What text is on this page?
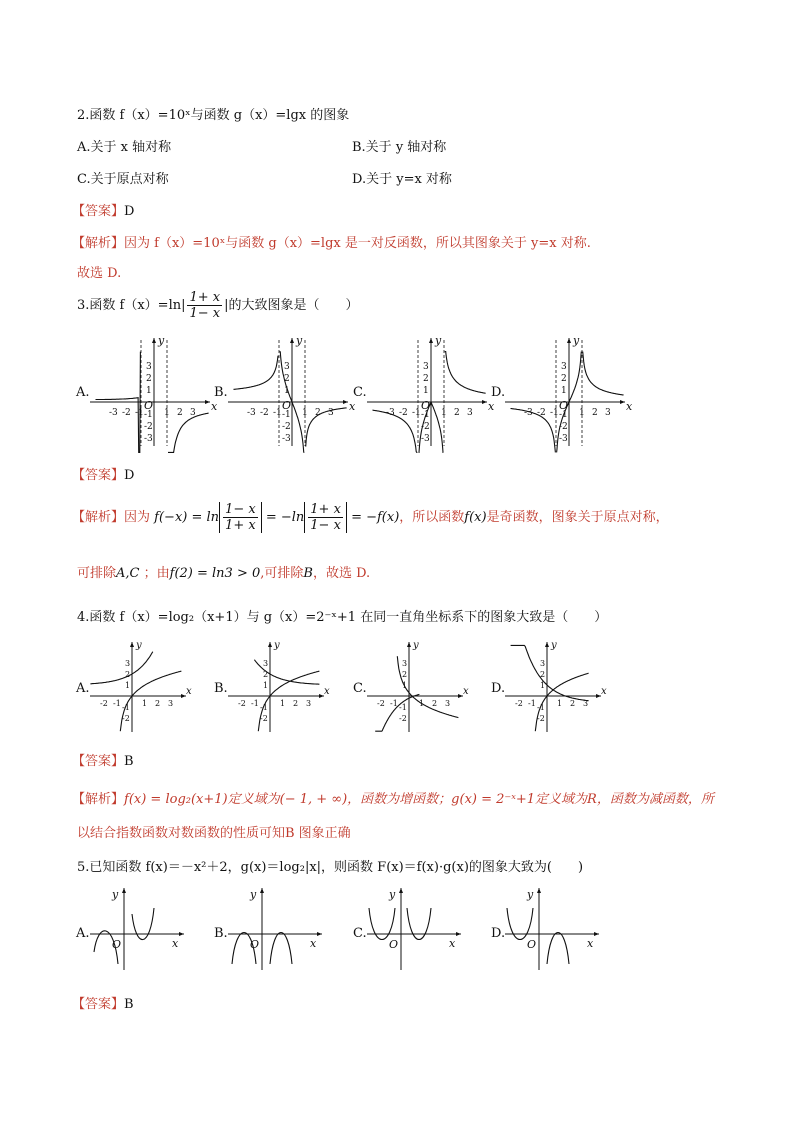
2.函数 f（x）=10ˣ与函数 g（x）=lgx 的图象
A.关于 x 轴对称	B.关于 y 轴对称
C.关于原点对称	D.关于 y=x 对称
【答案】D
【解析】因为 f（x）=10ˣ与函数 g（x）=lgx 是一对反函数，所以其图象关于 y=x 对称.
故选 D.
3.函数 $f(x)=\ln| \frac{1+ x}{1- x}$ |的大致图象是（　　）
A.	B.	C.	D.
x
y
O
-3 -2 -1 1 2 3
3
2
1
-1
-2
-3
x
y
O
-3 -2 -1 1 2 3
3
2
1
-1
-2
-3
x
y
O
-3 -2 -1 1 2 3
3
2
1
-1
-2
-3
x
y
O
-3 -2 -1 1 2 3
3
2
1
-1
-2
-3
【答案】D
【解析】因为 $f(-x) = \ln \frac{1- x}{1+ x} = -\ln \frac{1+ x}{1- x} = -f(x)$，所以函数f(x)是奇函数，图象关于原点对称，
可排除A,C ；由f(2) = ln3 > 0,可排除B，故选 D.
4.函数 f（x）=log₂（x+1）与 g（x）=2⁻ˣ+1 在同一直角坐标系下的图象大致是（　　）
A.	B.	C.	D.
x
y
-2 -1	1 2 3
3
2
1
-1
-2
x
y
-2 -1	1 2 3
3
2
1
-1
-2
x
y
-2 -1	1 2 3
3
2
1
-1
-2
x
y
-2 -1	1 2 3
3
2
1
-1
-2
【答案】B
【解析】f(x) = log₂(x+1)定义域为(− 1, + ∞)，函数为增函数；g(x) = 2⁻ˣ+1定义域为R，函数为减函数，所
以结合指数函数对数函数的性质可知B 图象正确
5.已知函数 f(x)＝－x²＋2，g(x)＝log₂|x|，则函数 F(x)＝f(x)·g(x)的图象大致为(　　)
A.	B.	C.	D.
x
y
O	x
y
O	x
y
O	x
y
O
【答案】B
